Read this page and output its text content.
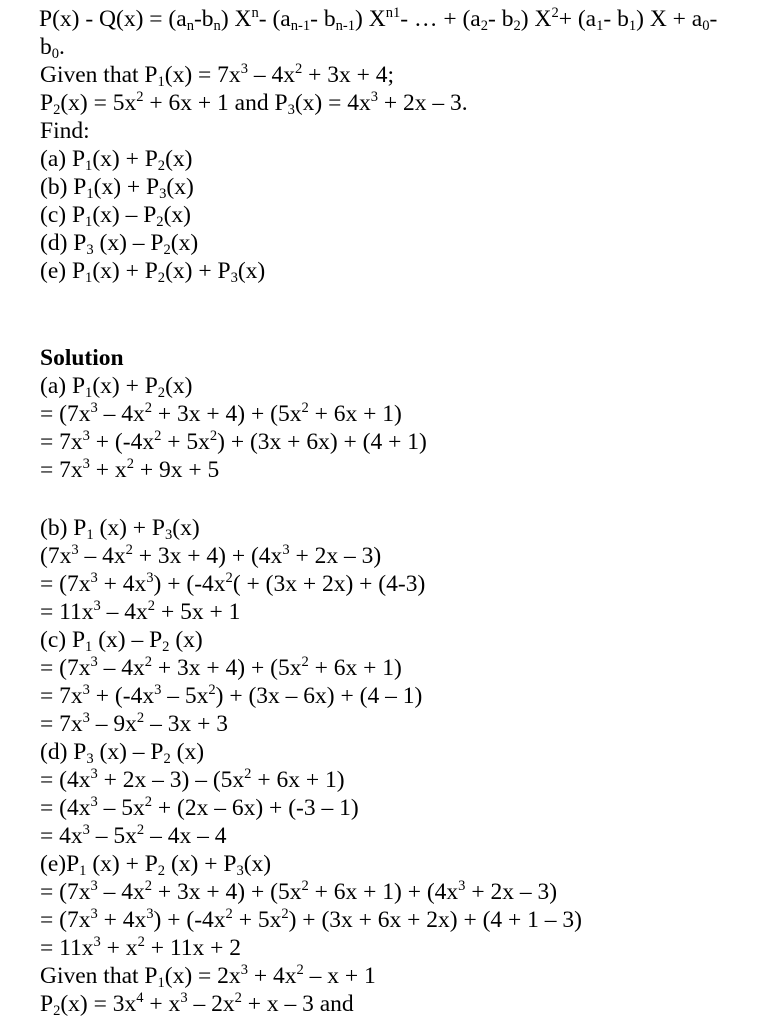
$P(x) - Q(x) = (a_n-b_n)$ $X^n-$ ($a_{n-1}-$ $b_{n-1}$) $X^{n1}-$ … + ($a_2-$ $b_2$) $X^2+ (a_1-$ $b_1$) $X + a_0-$

$b_0$.

Given that $P_1(x) = 7x^3 - 4x^2 + 3x + 4$;

$P_2(x) = 5x^2 + 6x + 1$ and $P_3(x) = 4x^3 + 2x - 3$.

Find:

(a) $P_1(x) + P_2(x)$

(b) $P_1(x) + P_3(x)$

(c) $P_1(x) - P_2(x)$

(d) $P_3$ $(x) - P_2(x)$

(e) $P_1(x) + P_2(x) + P_3(x)$

Solution

(a) $P_1(x) + P_2(x)$

= $(7x^3 - 4x^2 + 3x + 4) + (5x^2 + 6x + 1)$

= $7x^3 + (-4x^2 + 5x^2) + (3x + 6x) + (4 + 1)$

= $7x^3 + x^2 + 9x + 5$

(b) $P_1$ $(x) + P_3(x)$

$(7x^3 - 4x^2 + 3x + 4) + (4x^3 + 2x - 3)$

= $(7x^3 + 4x^3) + (-4x^2( + (3x + 2x) + (4-3)$

= $11x^3 - 4x^2 + 5x + 1$

(c) $P_1$ $(x) - P_2$ (x)

= $(7x^3 - 4x^2 + 3x + 4) + (5x^2 + 6x + 1)$

= $7x^3 + (-4x^3 - 5x^2) + (3x - 6x) + (4 - 1)$

= $7x^3 - 9x^2 - 3x + 3$

(d) $P_3$ $(x) - P_2$ (x)

= $(4x^3 + 2x - 3) - (5x^2 + 6x + 1)$

= ($4x^3 - 5x^2 + (2x - 6x) + (-3 - 1)$

= $4x^3 - 5x^2 - 4x - 4$

$(e)P_1$ $(x) + P_2$ $(x) + P_3(x)$

= $(7x^3 - 4x^2 + 3x + 4) + (5x^2 + 6x + 1) + (4x^3 + 2x - 3)$

= $(7x^3 + 4x^3) + (-4x^2 + 5x^2) + (3x + 6x + 2x) + (4 + 1 - 3)$

= $11x^3 + x^2 + 11x + 2$

Given that $P_1(x) = 2x^3 + 4x^2 - x + 1$

$P_2(x) = 3x^4 + x^3 - 2x^2 + x - 3$ and
